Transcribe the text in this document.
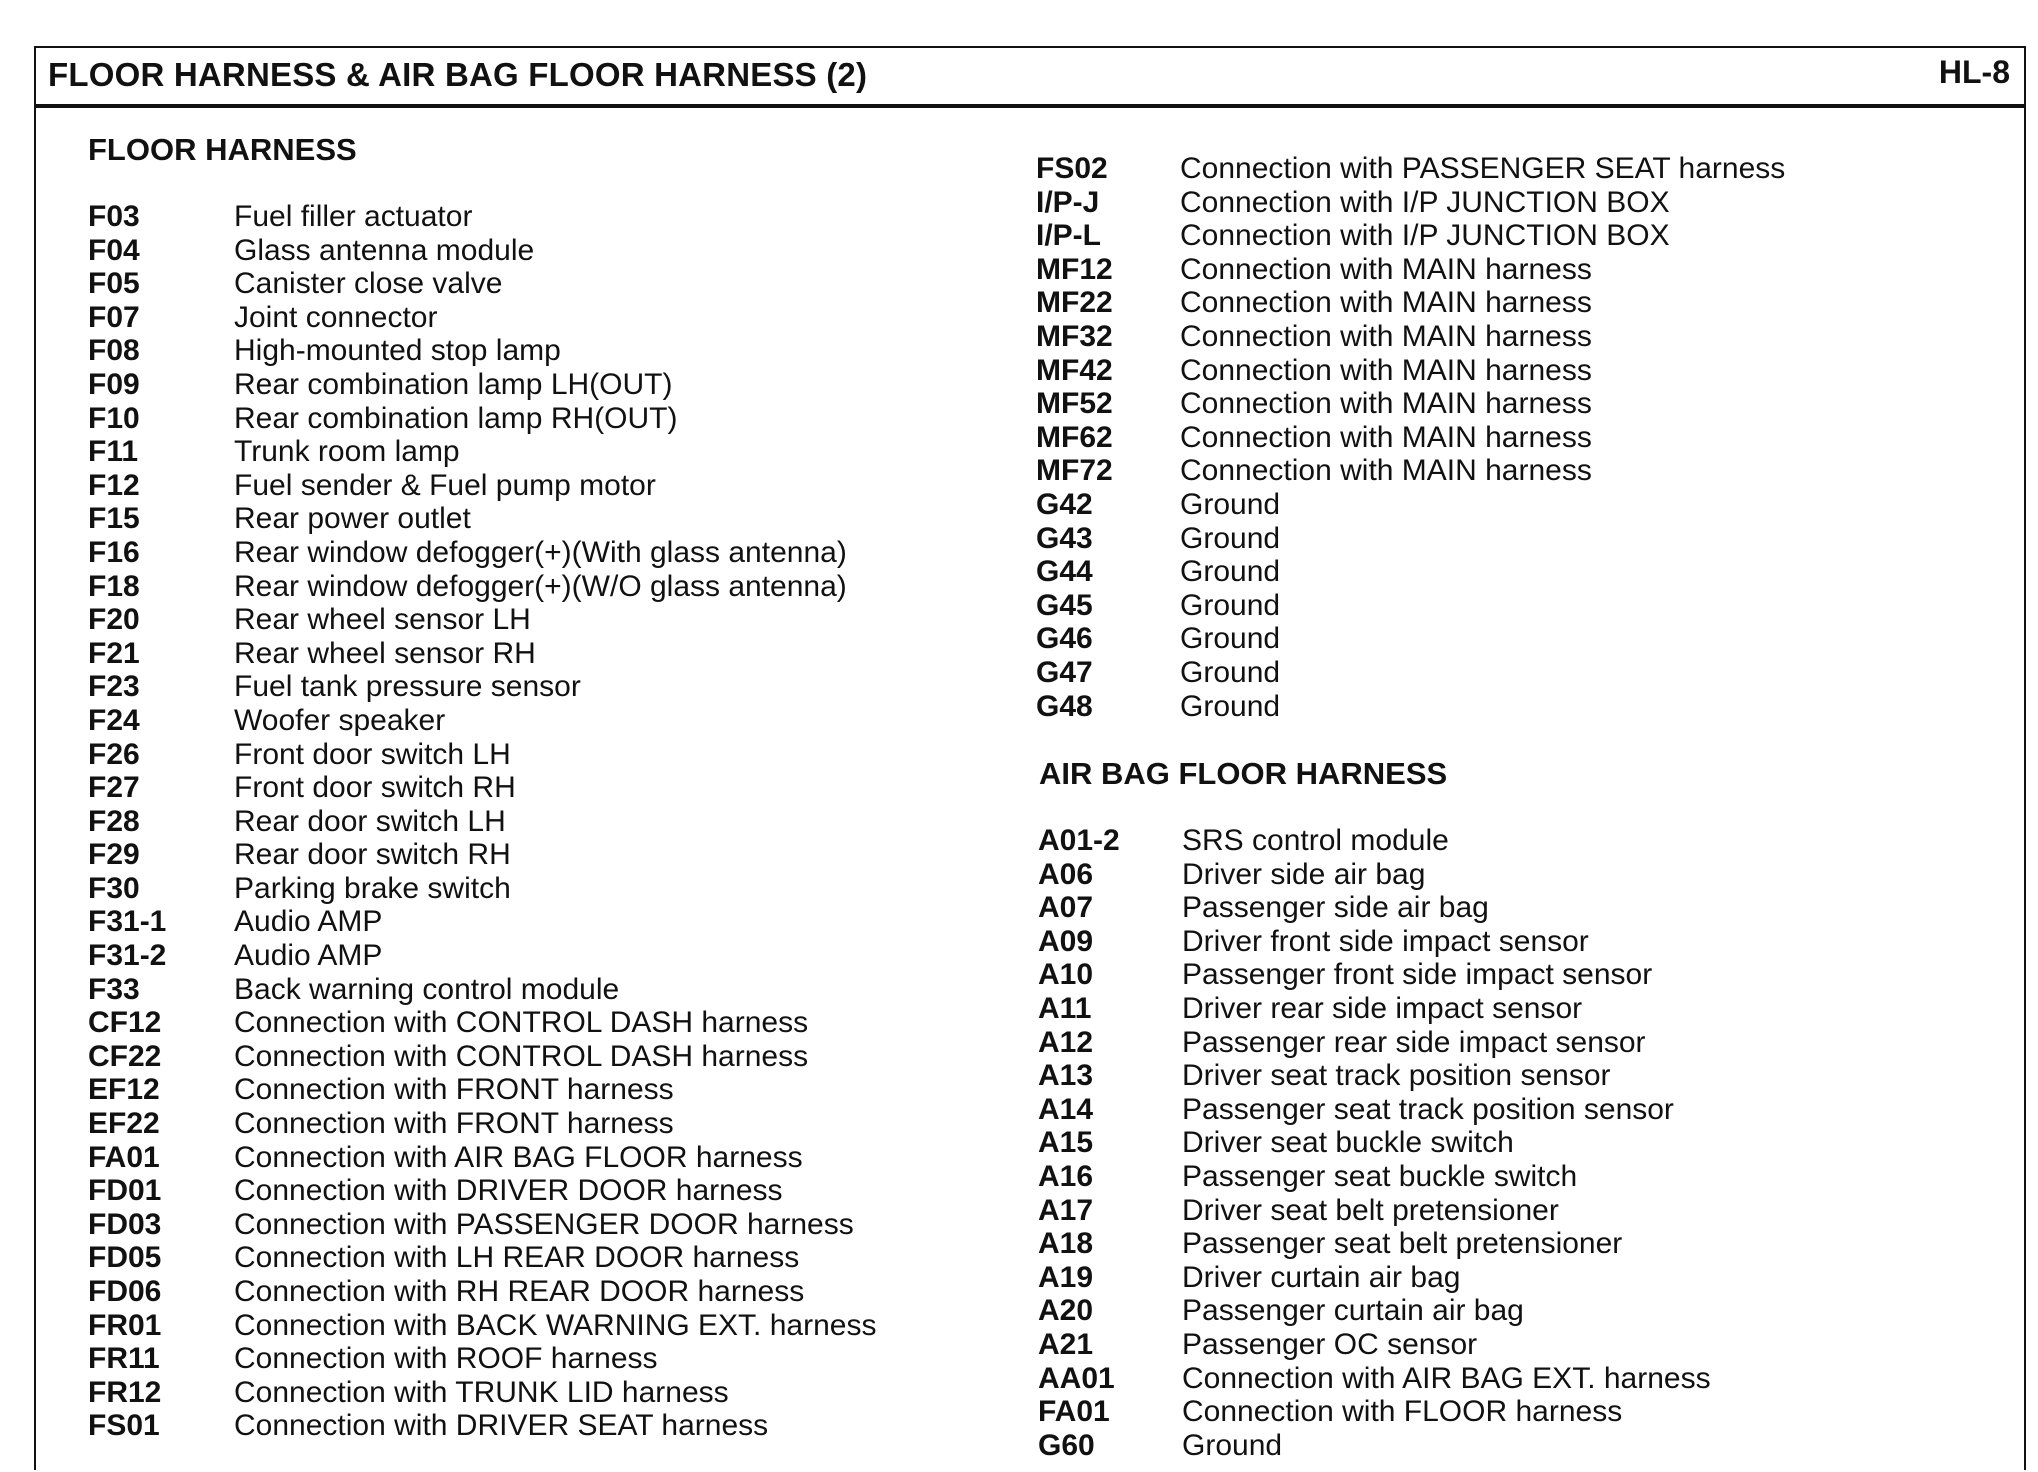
FLOOR HARNESS & AIR BAG FLOOR HARNESS (2)	HL-8
FLOOR HARNESS
F03	Fuel filler actuator
F04	Glass antenna module
F05	Canister close valve
F07	Joint connector
F08	High-mounted stop lamp
F09	Rear combination lamp LH(OUT)
F10	Rear combination lamp RH(OUT)
F11	Trunk room lamp
F12	Fuel sender & Fuel pump motor
F15	Rear power outlet
F16	Rear window defogger(+)(With glass antenna)
F18	Rear window defogger(+)(W/O glass antenna)
F20	Rear wheel sensor LH
F21	Rear wheel sensor RH
F23	Fuel tank pressure sensor
F24	Woofer speaker
F26	Front door switch LH
F27	Front door switch RH
F28	Rear door switch LH
F29	Rear door switch RH
F30	Parking brake switch
F31-1	Audio AMP
F31-2	Audio AMP
F33	Back warning control module
CF12	Connection with CONTROL DASH harness
CF22	Connection with CONTROL DASH harness
EF12	Connection with FRONT harness
EF22	Connection with FRONT harness
FA01	Connection with AIR BAG FLOOR harness
FD01	Connection with DRIVER DOOR harness
FD03	Connection with PASSENGER DOOR harness
FD05	Connection with LH REAR DOOR harness
FD06	Connection with RH REAR DOOR harness
FR01	Connection with BACK WARNING EXT. harness
FR11	Connection with ROOF harness
FR12	Connection with TRUNK LID harness
FS01	Connection with DRIVER SEAT harness
FS02	Connection with PASSENGER SEAT harness
I/P-J	Connection with I/P JUNCTION BOX
I/P-L	Connection with I/P JUNCTION BOX
MF12	Connection with MAIN harness
MF22	Connection with MAIN harness
MF32	Connection with MAIN harness
MF42	Connection with MAIN harness
MF52	Connection with MAIN harness
MF62	Connection with MAIN harness
MF72	Connection with MAIN harness
G42	Ground
G43	Ground
G44	Ground
G45	Ground
G46	Ground
G47	Ground
G48	Ground
AIR BAG FLOOR HARNESS
A01-2	SRS control module
A06	Driver side air bag
A07	Passenger side air bag
A09	Driver front side impact sensor
A10	Passenger front side impact sensor
A11	Driver rear side impact sensor
A12	Passenger rear side impact sensor
A13	Driver seat track position sensor
A14	Passenger seat track position sensor
A15	Driver seat buckle switch
A16	Passenger seat buckle switch
A17	Driver seat belt pretensioner
A18	Passenger seat belt pretensioner
A19	Driver curtain air bag
A20	Passenger curtain air bag
A21	Passenger OC sensor
AA01	Connection with AIR BAG EXT. harness
FA01	Connection with FLOOR harness
G60	Ground
